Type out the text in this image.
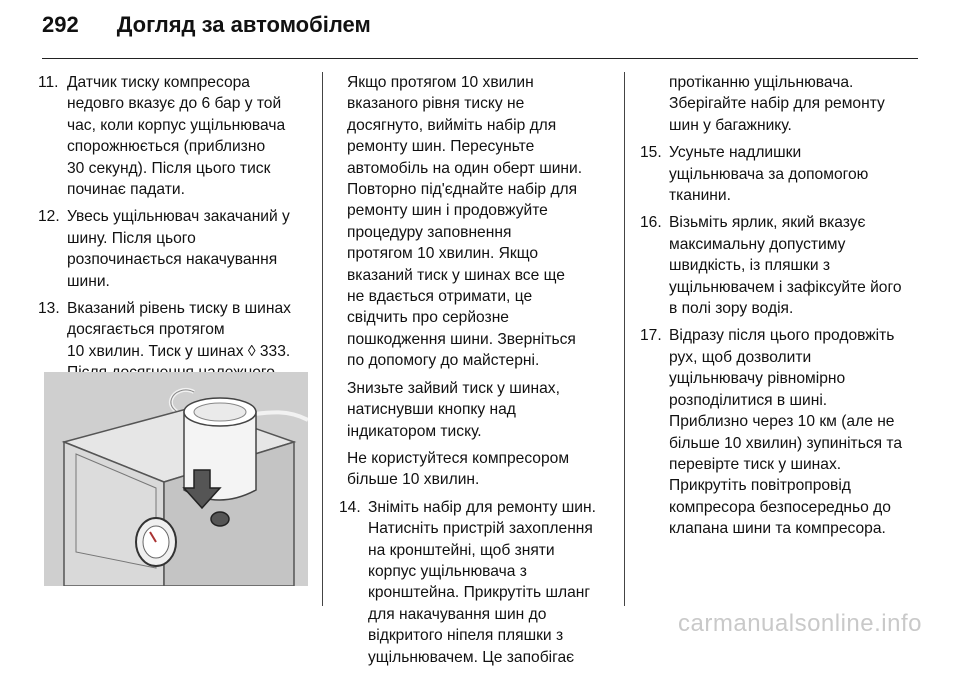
292 Догляд за автомобілем
11. Датчик тиску компресора
недовго вказує до 6 бар у той
час, коли корпус ущільнювача
спорожнюється (приблизно
30 секунд). Після цього тиск
починає падати.
12. Увесь ущільнювач закачаний у
шину. Після цього
розпочинається накачування
шини.
13. Вказаний рівень тиску в шинах
досягається протягом
10 хвилин. Тиск у шинах ◊ 333.
Якщо протягом 10 хвилин
вказаного рівня тиску не
досягнуто, вийміть набір для
ремонту шин. Пересуньте
автомобіль на один оберт шини.
Повторно під'єднайте набір для
ремонту шин і продовжуйте
процедуру заповнення
протягом 10 хвилин. Якщо
вказаний тиск у шинах все ще
не вдається отримати, це
свідчить про серйозне
пошкодження шини. Зверніться
по допомогу до майстерні.
Знизьте зайвий тиск у шинах,
натиснувши кнопку над
індикатором тиску.
Не користуйтеся компресором
більше 10 хвилин.
14. Зніміть набір для ремонту шин.
Натисніть пристрій захоплення
на кронштейні, щоб зняти
корпус ущільнювача з
кронштейна. Прикрутіть шланг
для накачування шин до
відкритого ніпеля пляшки з
ущільнювачем. Це запобігає
протіканню ущільнювача.
Зберігайте набір для ремонту
шин у багажнику.
15. Усуньте надлишки
ущільнювача за допомогою
тканини.
16. Візьміть ярлик, який вказує
максимальну допустиму
швидкість, із пляшки з
ущільнювачем і зафіксуйте його
в полі зору водія.
17. Відразу після цього продовжіть
рух, щоб дозволити
ущільнювачу рівномірно
розподілитися в шині.
Приблизно через 10 км (але не
більше 10 хвилин) зупиніться та
перевірте тиск у шинах.
Прикрутіть повітропровід
компресора безпосередньо до
клапана шини та компресора.
carmanualsonline.info
